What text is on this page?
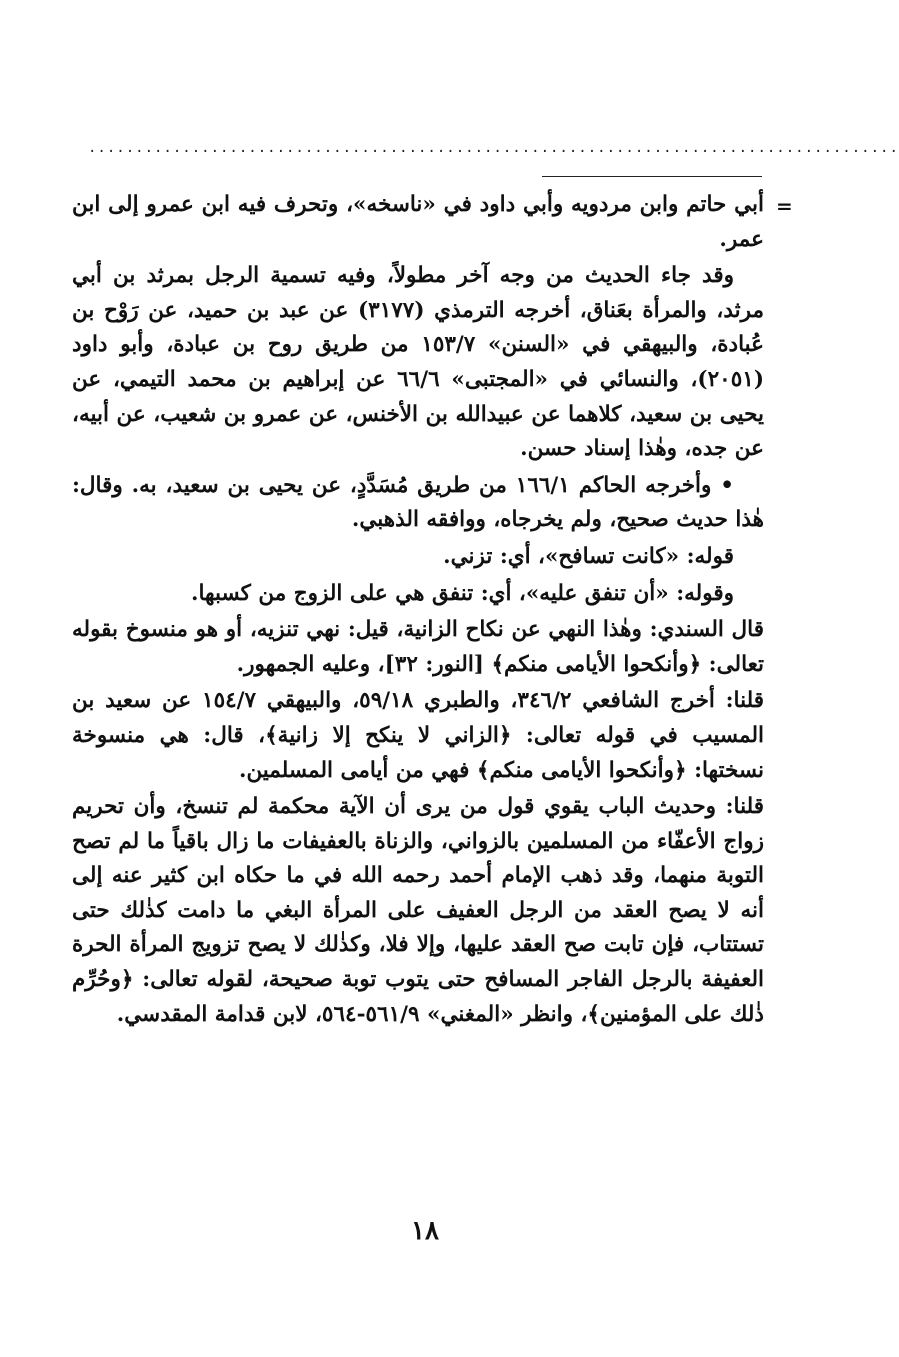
......................................................................................
=

أبي حاتم وابن مردويه وأبي داود في «ناسخه»، وتحرف فيه ابن عمرو إلى ابن عمر.

وقد جاء الحديث من وجه آخر مطولاً، وفيه تسمية الرجل بمرثد بن أبي مرثد، والمرأة بعَناق، أخرجه الترمذي (٣١٧٧) عن عبد بن حميد، عن رَوْح بن عُبادة، والبيهقي في «السنن» ١٥٣/٧ من طريق روح بن عبادة، وأبو داود (٢٠٥١)، والنسائي في «المجتبى» ٦٦/٦ عن إبراهيم بن محمد التيمي، عن يحيى بن سعيد، كلاهما عن عبيدالله بن الأخنس، عن عمرو بن شعيب، عن أبيه، عن جده، وهٰذا إسناد حسن.

• وأخرجه الحاكم ١٦٦/١ من طريق مُسَدَّدٍ، عن يحيى بن سعيد، به. وقال: هٰذا حديث صحيح، ولم يخرجاه، ووافقه الذهبي.

قوله: «كانت تسافح»، أي: تزني.

وقوله: «أن تنفق عليه»، أي: تنفق هي على الزوج من كسبها.

قال السندي: وهٰذا النهي عن نكاح الزانية، قيل: نهي تنزيه، أو هو منسوخ بقوله تعالى: ﴿وأنكحوا الأيامى منكم﴾ [النور: ٣٢]، وعليه الجمهور.

قلنا: أخرج الشافعي ٣٤٦/٢، والطبري ٥٩/١٨، والبيهقي ١٥٤/٧ عن سعيد بن المسيب في قوله تعالى: ﴿الزاني لا ينكح إلا زانية﴾، قال: هي منسوخة نسختها: ﴿وأنكحوا الأيامى منكم﴾ فهي من أيامى المسلمين.

قلنا: وحديث الباب يقوي قول من يرى أن الآية محكمة لم تنسخ، وأن تحريم زواج الأعفّاء من المسلمين بالزواني، والزناة بالعفيفات ما زال باقياً ما لم تصح التوبة منهما، وقد ذهب الإمام أحمد رحمه الله في ما حكاه ابن كثير عنه إلى أنه لا يصح العقد من الرجل العفيف على المرأة البغي ما دامت كذٰلك حتى تستتاب، فإن تابت صح العقد عليها، وإلا فلا، وكذٰلك لا يصح تزويج المرأة الحرة العفيفة بالرجل الفاجر المسافح حتى يتوب توبة صحيحة، لقوله تعالى: ﴿وحُرِّم ذٰلك على المؤمنين﴾، وانظر «المغني» ٥٦١/٩-٥٦٤، لابن قدامة المقدسي.

١٨
